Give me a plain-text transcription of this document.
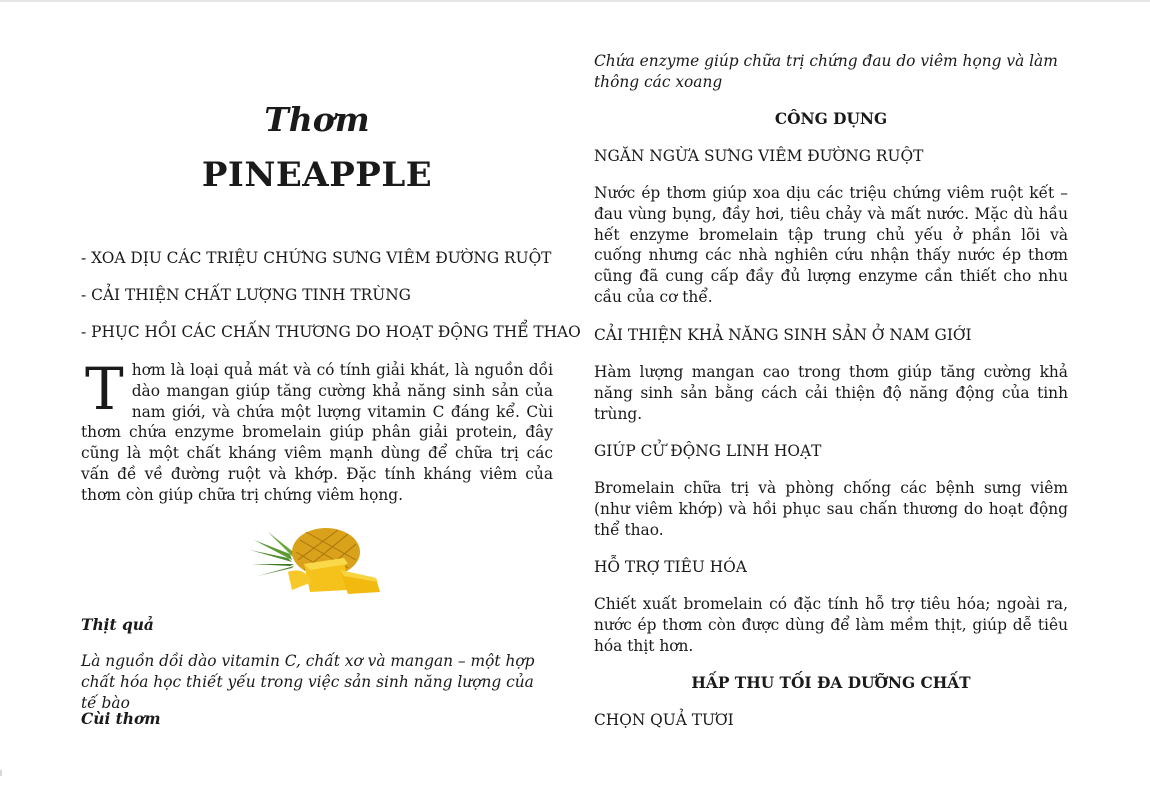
Thơm
PINEAPPLE

- XOA DỊU CÁC TRIỆU CHỨNG SƯNG VIÊM ĐƯỜNG RUỘT

- CẢI THIỆN CHẤT LƯỢNG TINH TRÙNG

- PHỤC HỒI CÁC CHẤN THƯƠNG DO HOẠT ĐỘNG THỂ THAO

Thơm là loại quả mát và có tính giải khát, là nguồn dồi dào mangan giúp tăng cường khả năng sinh sản của nam giới, và chứa một lượng vitamin C đáng kể. Cùi thơm chứa enzyme bromelain giúp phân giải protein, đây cũng là một chất kháng viêm mạnh dùng để chữa trị các vấn đề về đường ruột và khớp. Đặc tính kháng viêm của thơm còn giúp chữa trị chứng viêm họng.

Thịt quả

Là nguồn dồi dào vitamin C, chất xơ và mangan – một hợp chất hóa học thiết yếu trong việc sản sinh năng lượng của tế bào

Cùi thơm

Chứa enzyme giúp chữa trị chứng đau do viêm họng và làm thông các xoang

CÔNG DỤNG

NGĂN NGỪA SƯNG VIÊM ĐƯỜNG RUỘT

Nước ép thơm giúp xoa dịu các triệu chứng viêm ruột kết – đau vùng bụng, đầy hơi, tiêu chảy và mất nước. Mặc dù hầu hết enzyme bromelain tập trung chủ yếu ở phần lõi và cuống nhưng các nhà nghiên cứu nhận thấy nước ép thơm cũng đã cung cấp đầy đủ lượng enzyme cần thiết cho nhu cầu của cơ thể.

CẢI THIỆN KHẢ NĂNG SINH SẢN Ở NAM GIỚI

Hàm lượng mangan cao trong thơm giúp tăng cường khả năng sinh sản bằng cách cải thiện độ năng động của tinh trùng.

GIÚP CỬ ĐỘNG LINH HOẠT

Bromelain chữa trị và phòng chống các bệnh sưng viêm (như viêm khớp) và hồi phục sau chấn thương do hoạt động thể thao.

HỖ TRỢ TIÊU HÓA

Chiết xuất bromelain có đặc tính hỗ trợ tiêu hóa; ngoài ra, nước ép thơm còn được dùng để làm mềm thịt, giúp dễ tiêu hóa thịt hơn.

HẤP THU TỐI ĐA DƯỠNG CHẤT

CHỌN QUẢ TƯƠI
